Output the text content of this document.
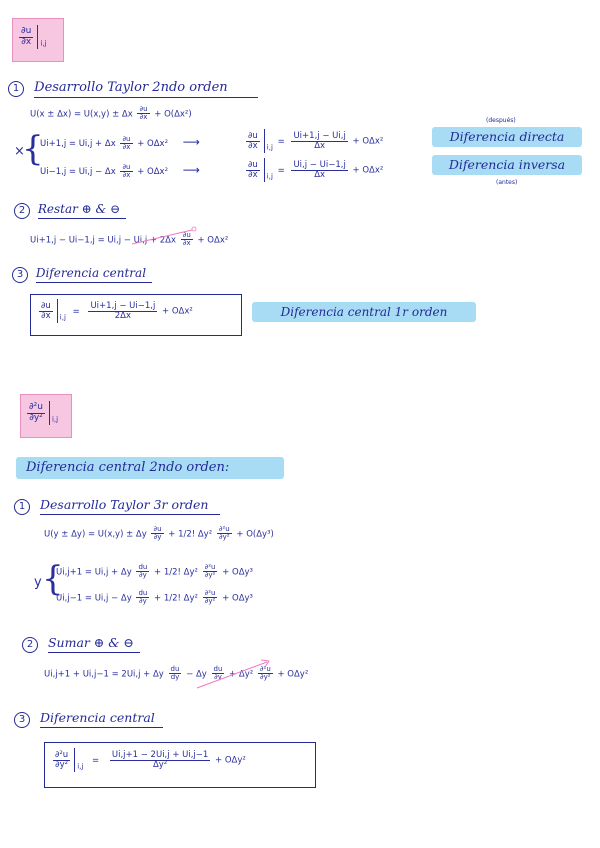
$\frac{\partial u}{\partial x} _{i,j}$
1 Desarrollo Taylor 2ndo orden
U(x ± Δx) = U(x,y) ± Δx $\frac{\partial u}{\partial x} + O(\Delta x^2)$
×
{
Ui+1,j = Ui,j + Δx $\frac{\partial u}{\partial x} + O\Delta x^2$ ⟶
Ui−1,j = Ui,j − Δx $\frac{\partial u}{\partial x} + O\Delta x^2$ ⟶
$\frac{\partial u}{\partial x} _{i,j} = \frac{Ui+1,j - Ui,j}{\Delta x} + O\Delta x^2$
$\frac{\partial u}{\partial x} _{i,j} = \frac{Ui,j - Ui-1,j}{\Delta x} + O\Delta x^2$
(después)
Diferencia directa
Diferencia inversa
(antes)
2 Restar ⊕ & ⊖
$Ui+1,j - Ui-1,j = Ui,j - Ui,j + 2\Delta x \frac{\partial u}{\partial x} + O\Delta x^2$
3 Diferencia central
$\frac{\partial u}{\partial x} _{i,j} = \frac{Ui+1,j - Ui-1,j}{2\Delta x} + O\Delta x^2$	Diferencia central 1r orden
$\frac{\text{∂²u}}{\text{∂y²}} _{i,j}$
Diferencia central 2ndo orden:
1 Desarrollo Taylor 3r orden
U(y ± Δy) = U(x,y) ± Δy $\frac{\partial u}{\partial y} + 1/2$! $\Delta y^2 \frac{\text{∂²u}}{\text{∂y²}} + O(\Delta y^3)$
y {
Ui,j+1 = Ui,j + Δy $\frac{du}{\partial y} + 1/2$! $\Delta y^2 \frac{\text{∂²u}}{\text{∂y²}} + O\Delta y^3$
Ui,j−1 = Ui,j − Δy $\frac{du}{\partial y} + 1/2$! $\Delta y^2 \frac{\text{∂²u}}{\text{∂y²}} + O\Delta y^3$
2 Sumar ⊕ & ⊖
Ui,j+1 + Ui,j−1 = 2Ui,j + Δy $\frac{du}{dy} - \Delta y \frac{du}{\partial y} + \Delta y^2 \frac{\text{∂²u}}{\text{∂y²}} + O\Delta y^2$
3 Diferencia central
$\frac{\text{∂²u}}{\text{∂y²}} _{i,j} = \frac{Ui,j+1 - 2Ui,j + Ui,j-1}{\text{Δy²}} + O\Delta y^2$
